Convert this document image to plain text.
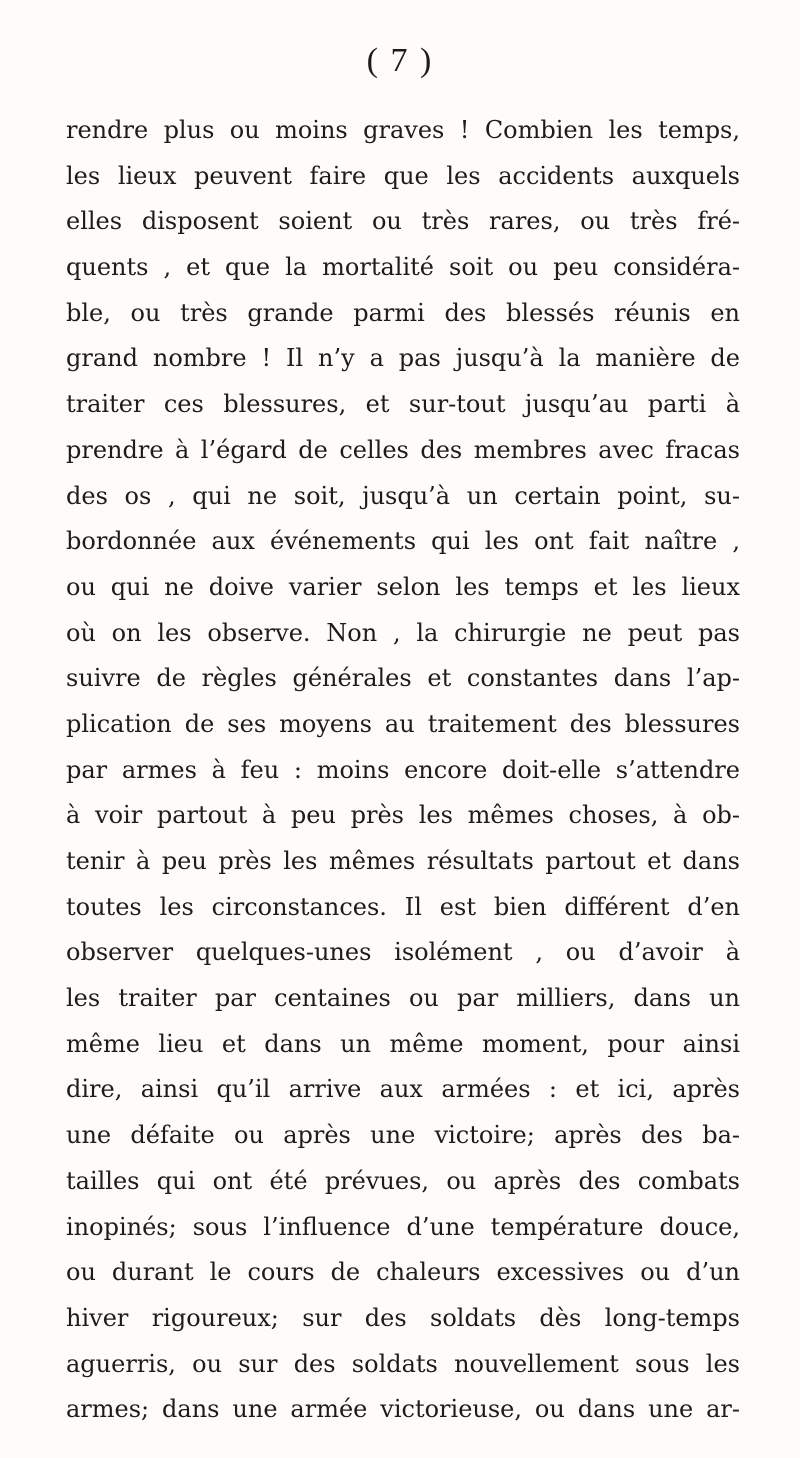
( 7 )
rendre plus ou moins graves ! Combien les temps,
les lieux peuvent faire que les accidents auxquels
elles disposent soient ou très rares, ou très fré-
quents , et que la mortalité soit ou peu considéra-
ble, ou très grande parmi des blessés réunis en
grand nombre ! Il n’y a pas jusqu’à la manière de
traiter ces blessures, et sur-tout jusqu’au parti à
prendre à l’égard de celles des membres avec fracas
des os , qui ne soit, jusqu’à un certain point, su-
bordonnée aux événements qui les ont fait naître ,
ou qui ne doive varier selon les temps et les lieux
où on les observe. Non , la chirurgie ne peut pas
suivre de règles générales et constantes dans l’ap-
plication de ses moyens au traitement des blessures
par armes à feu : moins encore doit-elle s’attendre
à voir partout à peu près les mêmes choses, à ob-
tenir à peu près les mêmes résultats partout et dans
toutes les circonstances. Il est bien différent d’en
observer quelques-unes isolément , ou d’avoir à
les traiter par centaines ou par milliers, dans un
même lieu et dans un même moment, pour ainsi
dire, ainsi qu’il arrive aux armées : et ici, après
une défaite ou après une victoire; après des ba-
tailles qui ont été prévues, ou après des combats
inopinés; sous l’influence d’une température douce,
ou durant le cours de chaleurs excessives ou d’un
hiver rigoureux; sur des soldats dès long-temps
aguerris, ou sur des soldats nouvellement sous les
armes; dans une armée victorieuse, ou dans une ar-
